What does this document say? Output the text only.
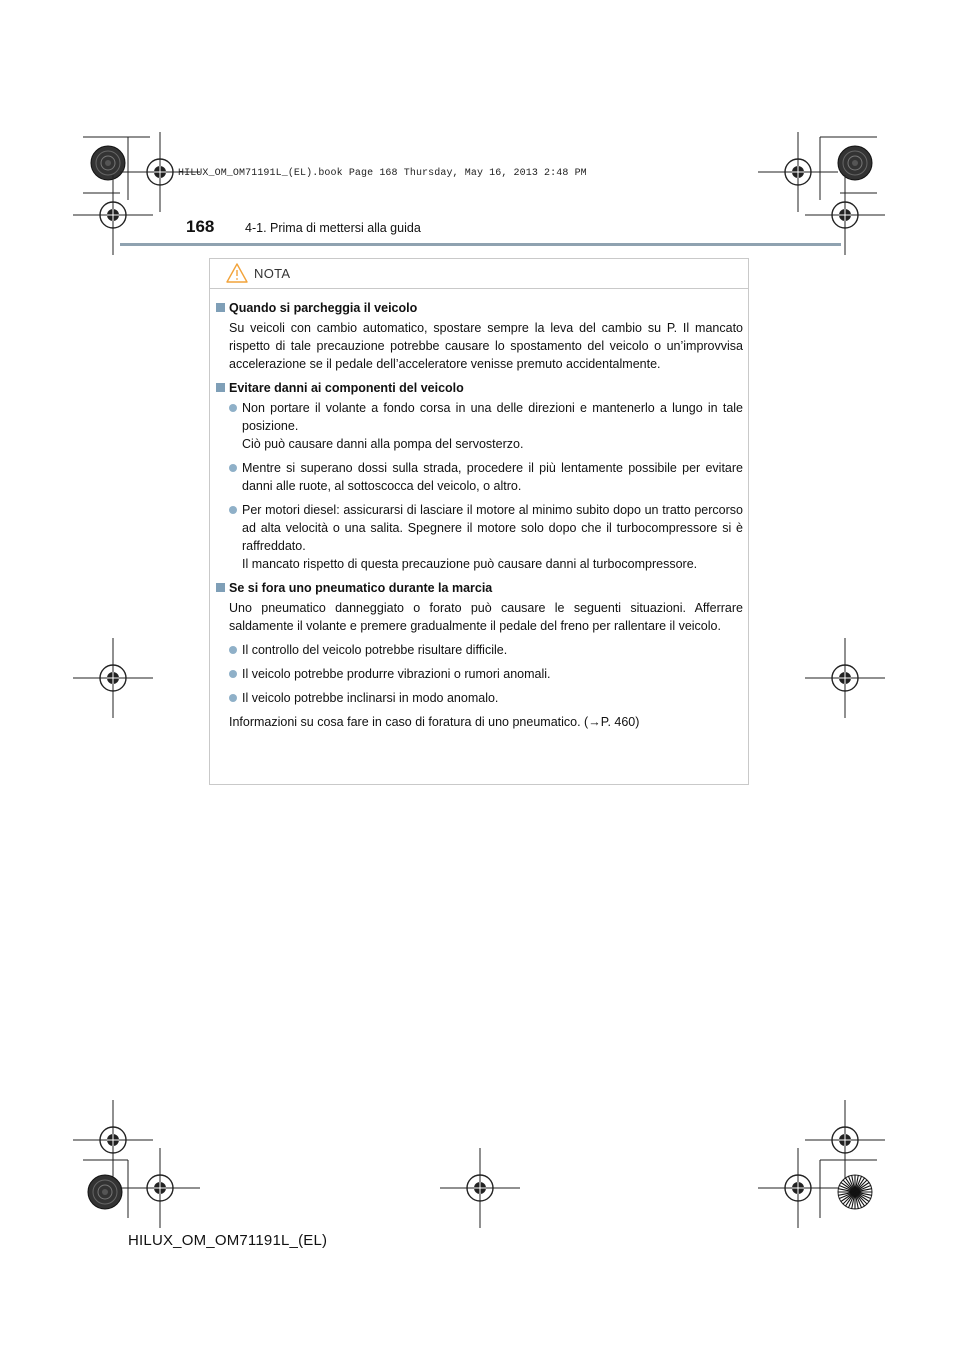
HILUX_OM_OM71191L_(EL).book Page 168 Thursday, May 16, 2013 2:48 PM
168 4-1. Prima di mettersi alla guida
NOTA
Quando si parcheggia il veicolo
Su veicoli con cambio automatico, spostare sempre la leva del cambio su P. Il mancato rispetto di tale precauzione potrebbe causare lo spostamento del veicolo o un’improvvisa accelerazione se il pedale dell’acceleratore venisse premuto accidentalmente.
Evitare danni ai componenti del veicolo
Non portare il volante a fondo corsa in una delle direzioni e mantenerlo a lungo in tale posizione.
Ciò può causare danni alla pompa del servosterzo.
Mentre si superano dossi sulla strada, procedere il più lentamente possibile per evitare danni alle ruote, al sottoscocca del veicolo, o altro.
Per motori diesel: assicurarsi di lasciare il motore al minimo subito dopo un tratto percorso ad alta velocità o una salita. Spegnere il motore solo dopo che il turbocompressore si è raffreddato.
Il mancato rispetto di questa precauzione può causare danni al turbocompressore.
Se si fora uno pneumatico durante la marcia
Uno pneumatico danneggiato o forato può causare le seguenti situazioni. Afferrare saldamente il volante e premere gradualmente il pedale del freno per rallentare il veicolo.
Il controllo del veicolo potrebbe risultare difficile.
Il veicolo potrebbe produrre vibrazioni o rumori anomali.
Il veicolo potrebbe inclinarsi in modo anomalo.
Informazioni su cosa fare in caso di foratura di uno pneumatico. (→P. 460)
HILUX_OM_OM71191L_(EL)
